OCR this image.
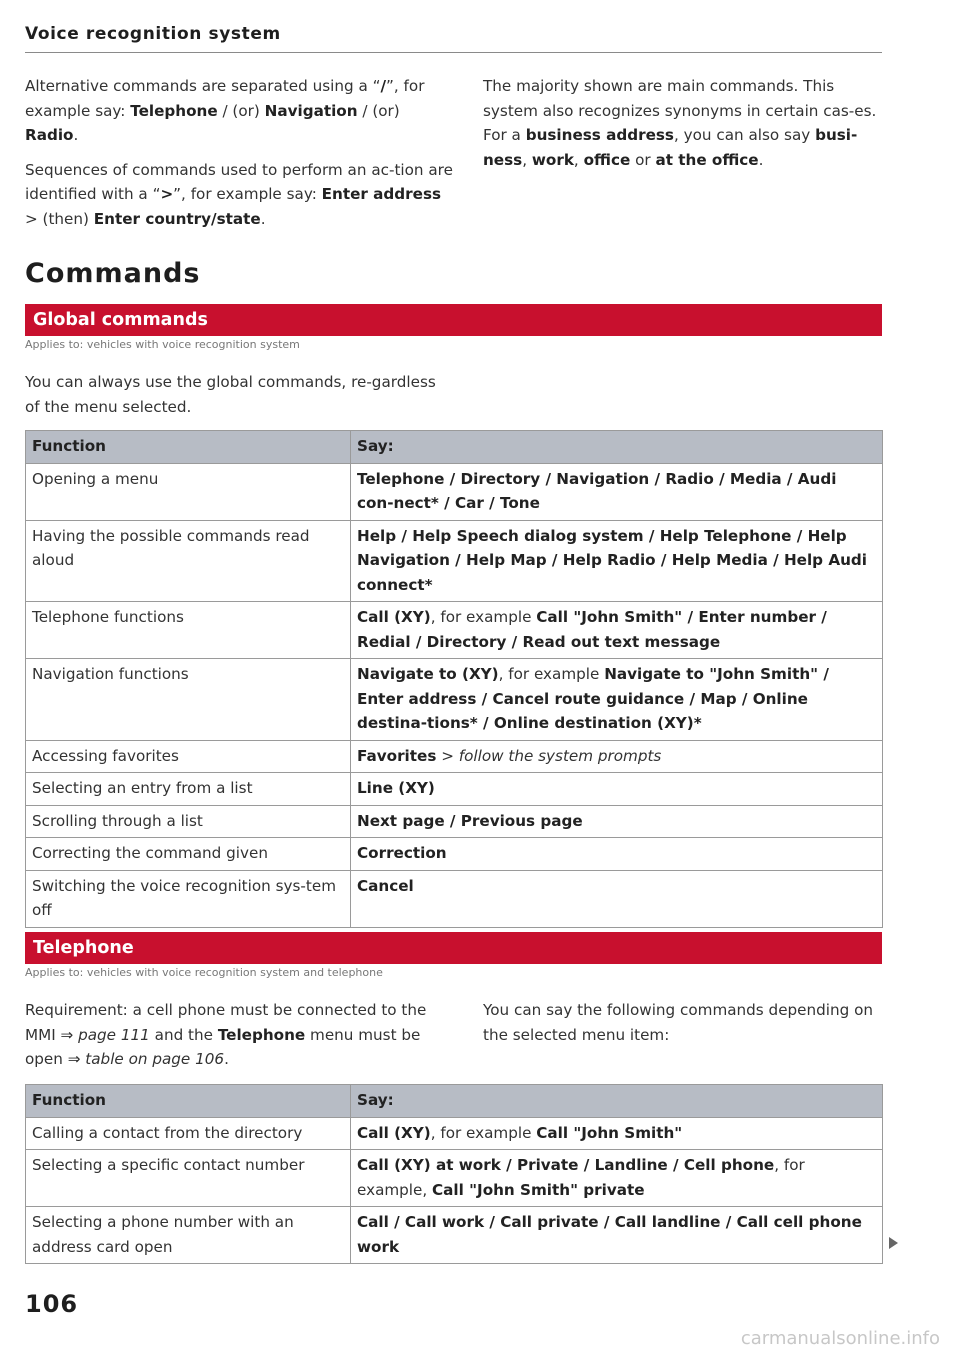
Voice recognition system

Alternative commands are separated using a “/”, for example say: Telephone / (or) Navigation / (or) Radio.

Sequences of commands used to perform an ac-tion are identified with a “>”, for example say: Enter address > (then) Enter country/state.

The majority shown are main commands. This system also recognizes synonyms in certain cas-es. For a business address, you can also say busi-ness, work, office or at the office.

Commands
Global commands
Applies to: vehicles with voice recognition system
You can always use the global commands, re-gardless of the menu selected.
Function	Say:
Opening a menu	Telephone / Directory / Navigation / Radio / Media / Audi con-nect* / Car / Tone
Having the possible commands read aloud	Help / Help Speech dialog system / Help Telephone / Help Navigation / Help Map / Help Radio / Help Media / Help Audi connect*
Telephone functions	Call (XY), for example Call "John Smith" / Enter number / Redial / Directory / Read out text message
Navigation functions	Navigate to (XY), for example Navigate to "John Smith" / Enter address / Cancel route guidance / Map / Online destina-tions* / Online destination (XY)*
Accessing favorites	Favorites > follow the system prompts
Selecting an entry from a list	Line (XY)
Scrolling through a list	Next page / Previous page
Correcting the command given	Correction
Switching the voice recognition sys-tem off	Cancel
Telephone
Applies to: vehicles with voice recognition system and telephone
Requirement: a cell phone must be connected to the MMI ⇒ page 111 and the Telephone menu must be open ⇒ table on page 106.
You can say the following commands depending on the selected menu item:
Function	Say:
Calling a contact from the directory	Call (XY), for example Call "John Smith"
Selecting a specific contact number	Call (XY) at work / Private / Landline / Cell phone, for example, Call "John Smith" private
Selecting a phone number with an address card open	Call / Call work / Call private / Call landline / Call cell phone work
106
carmanualsonline.info
